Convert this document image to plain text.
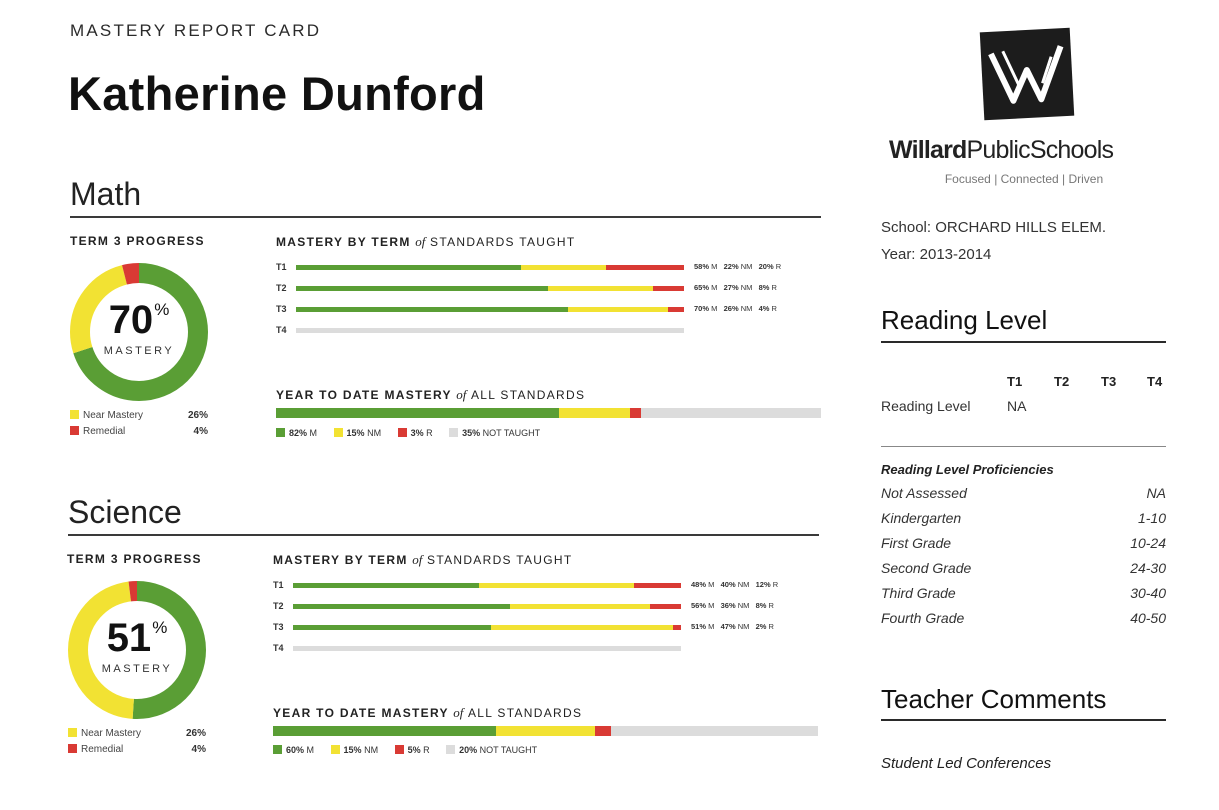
MASTERY REPORT CARD
Katherine Dunford
Math
TERM 3 PROGRESS
70%
MASTERY
Near Mastery	26%
Remedial	4%
MASTERY BY TERM of STANDARDS TAUGHT
T1	58% M   22% NM   20% R
T2	65% M   27% NM   8% R
T3	70% M   26% NM   4% R
T4
YEAR TO DATE MASTERY of ALL STANDARDS
82% M	15% NM	3% R	35% NOT TAUGHT
Science
TERM 3 PROGRESS
51%
MASTERY
Near Mastery	26%
Remedial	4%
MASTERY BY TERM of STANDARDS TAUGHT
T1	48% M   40% NM   12% R
T2	56% M   36% NM   8% R
T3	51% M   47% NM   2% R
T4
YEAR TO DATE MASTERY of ALL STANDARDS
60% M	15% NM	5% R	20% NOT TAUGHT
WillardPublicSchools
Focused | Connected | Driven
School: ORCHARD HILLS ELEM.
Year: 2013-2014
Reading Level
T1 T2 T3 T4
Reading Level	NA
Reading Level Proficiencies
Not Assessed	NA
Kindergarten	1-10
First Grade	10-24
Second Grade	24-30
Third Grade	30-40
Fourth Grade	40-50
Teacher Comments
Student Led Conferences
